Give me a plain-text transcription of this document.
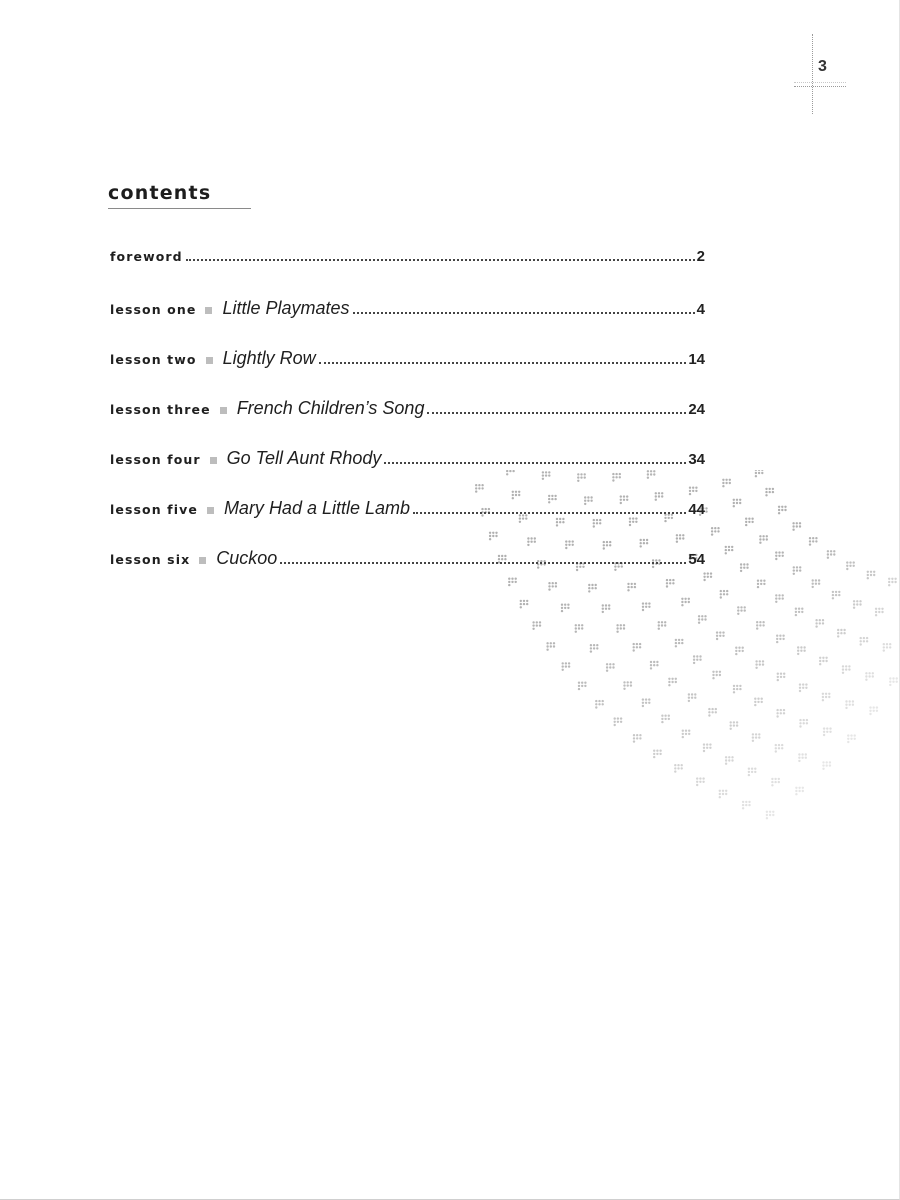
3
contents
foreword	2
lesson one Little Playmates	4
lesson two Lightly Row	14
lesson three French Children’s Song	24
lesson four Go Tell Aunt Rhody	34
lesson five Mary Had a Little Lamb	44
lesson six Cuckoo	54
